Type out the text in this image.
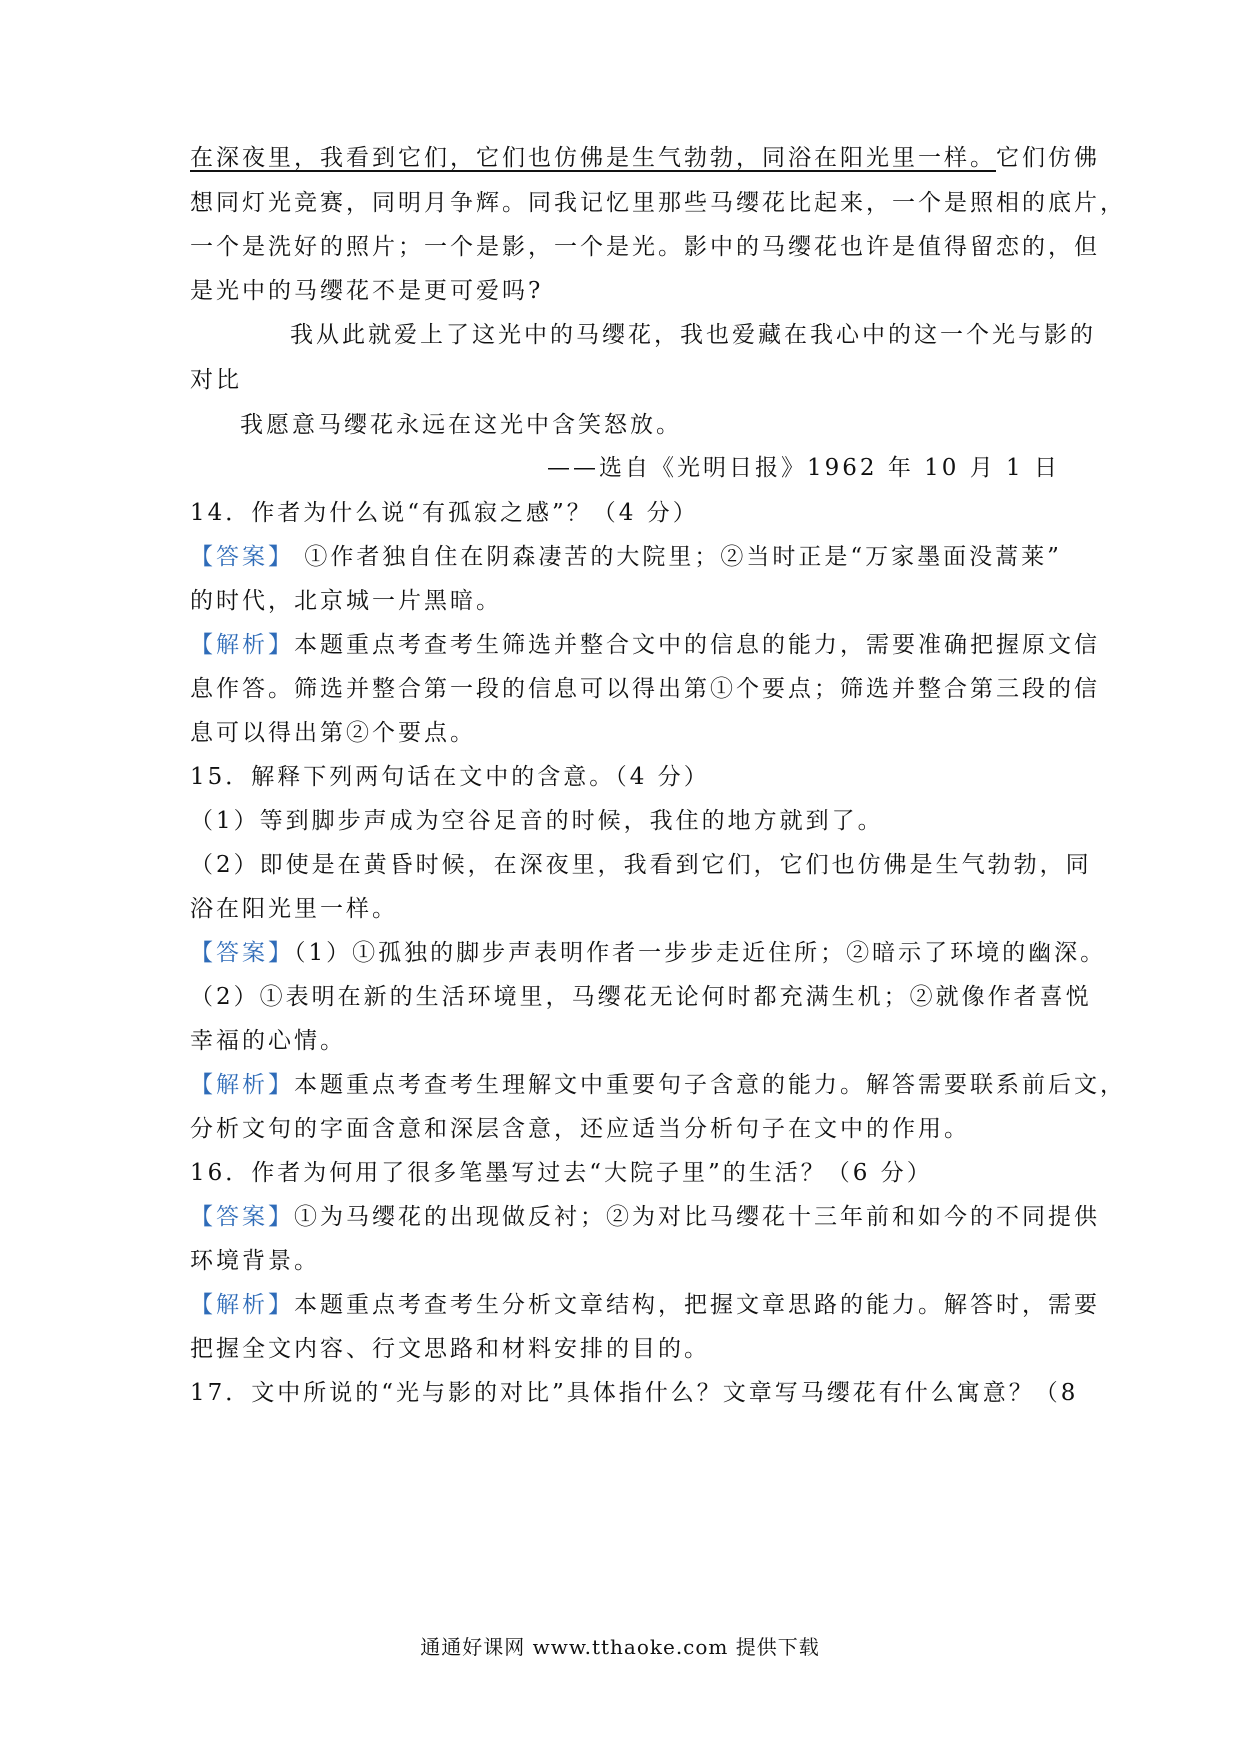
在深夜里，我看到它们，它们也仿佛是生气勃勃，同浴在阳光里一样。它们仿佛
想同灯光竞赛，同明月争辉。同我记忆里那些马缨花比起来，一个是照相的底片，
一个是洗好的照片；一个是影，一个是光。影中的马缨花也许是值得留恋的，但
是光中的马缨花不是更可爱吗?
我从此就爱上了这光中的马缨花，我也爱藏在我心中的这一个光与影的
对比
我愿意马缨花永远在这光中含笑怒放。
——选自《光明日报》1962 年 10 月 1 日
14．作者为什么说“有孤寂之感”？（4 分）
【答案】 ①作者独自住在阴森凄苦的大院里；②当时正是“万家墨面没蒿莱”
的时代，北京城一片黑暗。
【解析】本题重点考查考生筛选并整合文中的信息的能力，需要准确把握原文信
息作答。筛选并整合第一段的信息可以得出第①个要点；筛选并整合第三段的信
息可以得出第②个要点。
15．解释下列两句话在文中的含意。（4 分）
（1）等到脚步声成为空谷足音的时候，我住的地方就到了。
（2）即使是在黄昏时候，在深夜里，我看到它们，它们也仿佛是生气勃勃，同
浴在阳光里一样。
【答案】（1）①孤独的脚步声表明作者一步步走近住所；②暗示了环境的幽深。
（2）①表明在新的生活环境里，马缨花无论何时都充满生机；②就像作者喜悦
幸福的心情。
【解析】本题重点考查考生理解文中重要句子含意的能力。解答需要联系前后文，
分析文句的字面含意和深层含意，还应适当分析句子在文中的作用。
16．作者为何用了很多笔墨写过去“大院子里”的生活？（6 分）
【答案】①为马缨花的出现做反衬；②为对比马缨花十三年前和如今的不同提供
环境背景。
【解析】本题重点考查考生分析文章结构，把握文章思路的能力。解答时，需要
把握全文内容、行文思路和材料安排的目的。
17．文中所说的“光与影的对比”具体指什么？文章写马缨花有什么寓意？（8
通通好课网 www.tthaoke.com 提供下载
